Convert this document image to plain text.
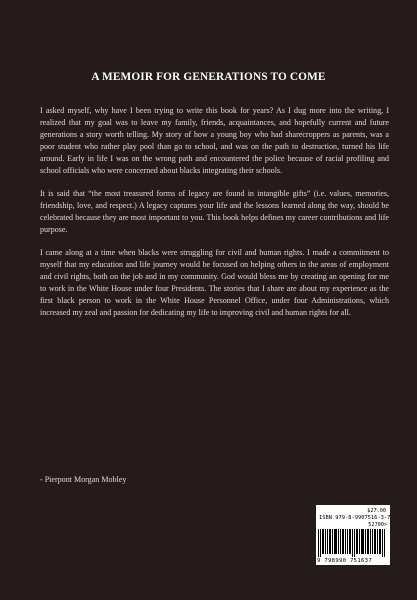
A MEMOIR FOR GENERATIONS TO COME

I asked myself, why have I been trying to write this book for years? As I dug more into the writing, I realized that my goal was to leave my family, friends, acquaintances, and hopefully current and future generations a story worth telling. My story of how a young boy who had sharecroppers as parents, was a poor student who rather play pool than go to school, and was on the path to destruction, turned his life around. Early in life I was on the wrong path and encountered the police because of racial profiling and school officials who were concerned about blacks integrating their schools.

It is said that “the most treasured forms of legacy are found in intangible gifts” (i.e. values, memories, friendship, love, and respect.) A legacy captures your life and the lessons learned along the way, should be celebrated because they are most important to you. This book helps defines my career contributions and life purpose.

I came along at a time when blacks were struggling for civil and human rights. I made a commitment to myself that my education and life journey would be focused on helping others in the areas of employment and civil rights, both on the job and in my community. God would bless me by creating an opening for me to work in the White House under four Presidents. The stories that I share are about my experience as the first black person to work in the White House Personnel Office, under four Administrations, which increased my zeal and passion for dedicating my life to improving civil and human rights for all.

- Pierpont Morgan Mobley
$27.00
ISBN 979-8-9907516-3-7
52700>
9 798990 751637
